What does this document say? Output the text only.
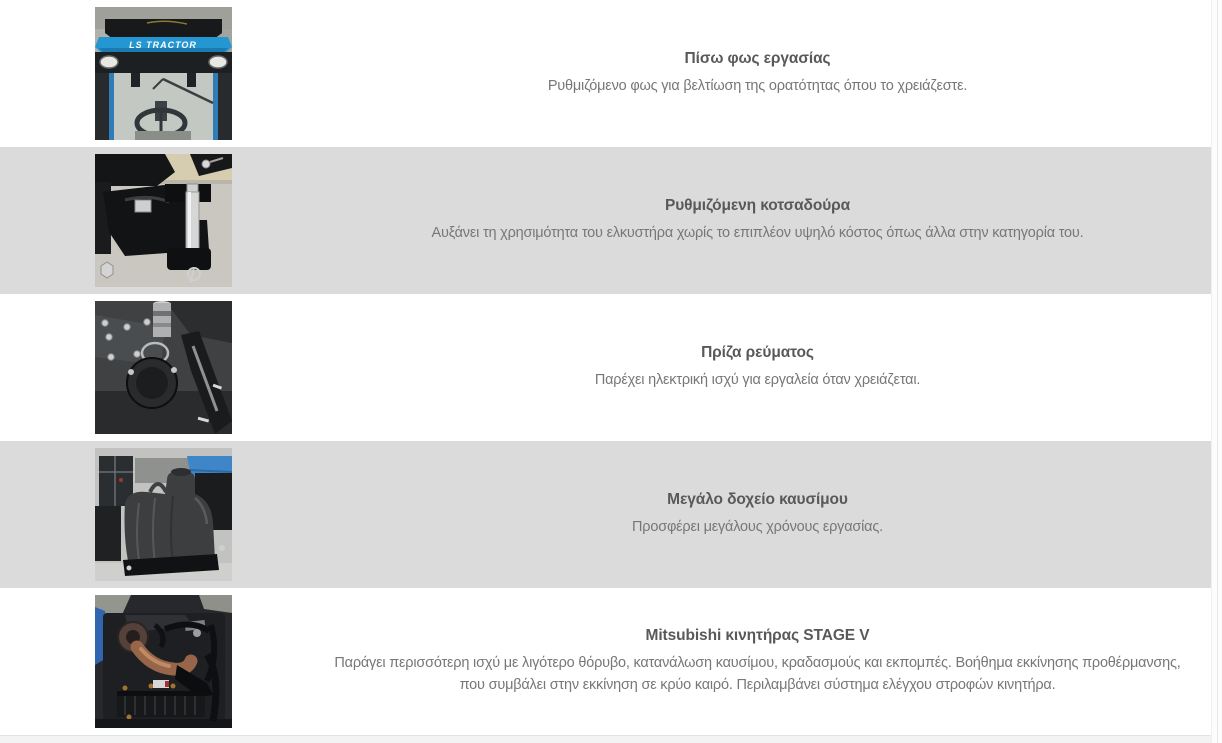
LS TRACTOR
Πίσω φως εργασίας

Ρυθμιζόμενο φως για βελτίωση της ορατότητας όπου το χρειάζεστε.

Ρυθμιζόμενη κοτσαδούρα

Αυξάνει τη χρησιμότητα του ελκυστήρα χωρίς το επιπλέον υψηλό κόστος όπως άλλα στην κατηγορία του.

Πρίζα ρεύματος

Παρέχει ηλεκτρική ισχύ για εργαλεία όταν χρειάζεται.

Μεγάλο δοχείο καυσίμου

Προσφέρει μεγάλους χρόνους εργασίας.

Mitsubishi κινητήρας STAGE V

Παράγει περισσότερη ισχύ με λιγότερο θόρυβο, κατανάλωση καυσίμου, κραδασμούς και εκπομπές. Βοήθημα εκκίνησης προθέρμανσης, που συμβάλει στην εκκίνηση σε κρύο καιρό. Περιλαμβάνει σύστημα ελέγχου στροφών κινητήρα.
